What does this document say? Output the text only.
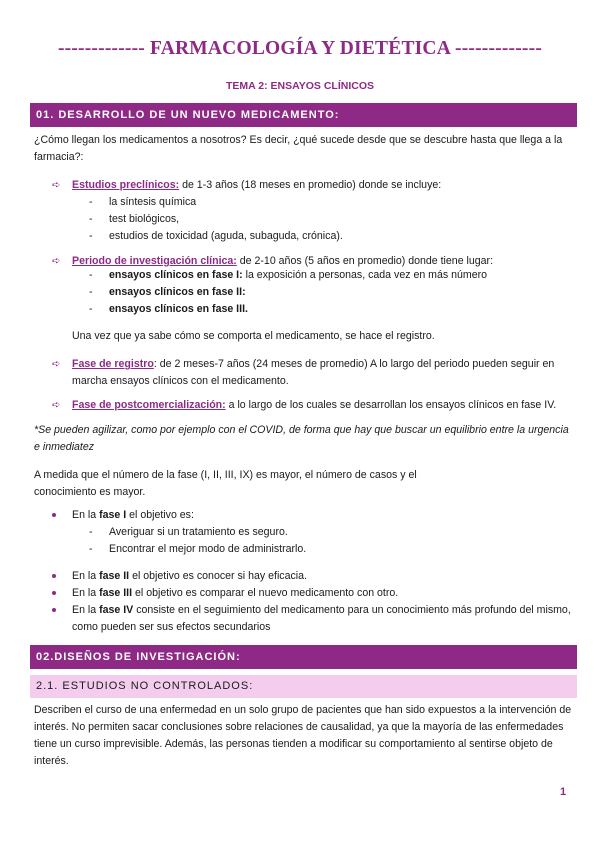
------------- FARMACOLOGÍA Y DIETÉTICA -------------
TEMA 2: ENSAYOS CLÍNICOS
01. DESARROLLO DE UN NUEVO MEDICAMENTO:
¿Cómo llegan los medicamentos a nosotros? Es decir, ¿qué sucede desde que se descubre hasta que llega a la farmacia?:
➪	Estudios preclínicos: de 1-3 años (18 meses en promedio) donde se incluye:
-	la síntesis química
-	test biológicos,
-	estudios de toxicidad (aguda, subaguda, crónica).
➪	Periodo de investigación clínica: de 2-10 años (5 años en promedio) donde tiene lugar:
-	ensayos clínicos en fase I: la exposición a personas, cada vez en más número
-	ensayos clínicos en fase II:
-	ensayos clínicos en fase III.
Una vez que ya sabe cómo se comporta el medicamento, se hace el registro.
➪	Fase de registro: de 2 meses-7 años (24 meses de promedio) A lo largo del periodo pueden seguir en marcha ensayos clínicos con el medicamento.
➪	Fase de postcomercialización: a lo largo de los cuales se desarrollan los ensayos clínicos en fase IV.
*Se pueden agilizar, como por ejemplo con el COVID, de forma que hay que buscar un equilibrio entre la urgencia e inmediatez
A medida que el número de la fase (I, II, III, IX) es mayor, el número de casos y el conocimiento es mayor.
En la fase I el objetivo es:
-	Averiguar si un tratamiento es seguro.
-	Encontrar el mejor modo de administrarlo.
En la fase II el objetivo es conocer si hay eficacia.
En la fase III el objetivo es comparar el nuevo medicamento con otro.
En la fase IV consiste en el seguimiento del medicamento para un conocimiento más profundo del mismo, como pueden ser sus efectos secundarios
02.DISEÑOS DE INVESTIGACIÓN:
2.1. ESTUDIOS NO CONTROLADOS:
Describen el curso de una enfermedad en un solo grupo de pacientes que han sido expuestos a la intervención de interés. No permiten sacar conclusiones sobre relaciones de causalidad, ya que la mayoría de las enfermedades tiene un curso imprevisible. Además, las personas tienden a modificar su comportamiento al sentirse objeto de interés.
1
